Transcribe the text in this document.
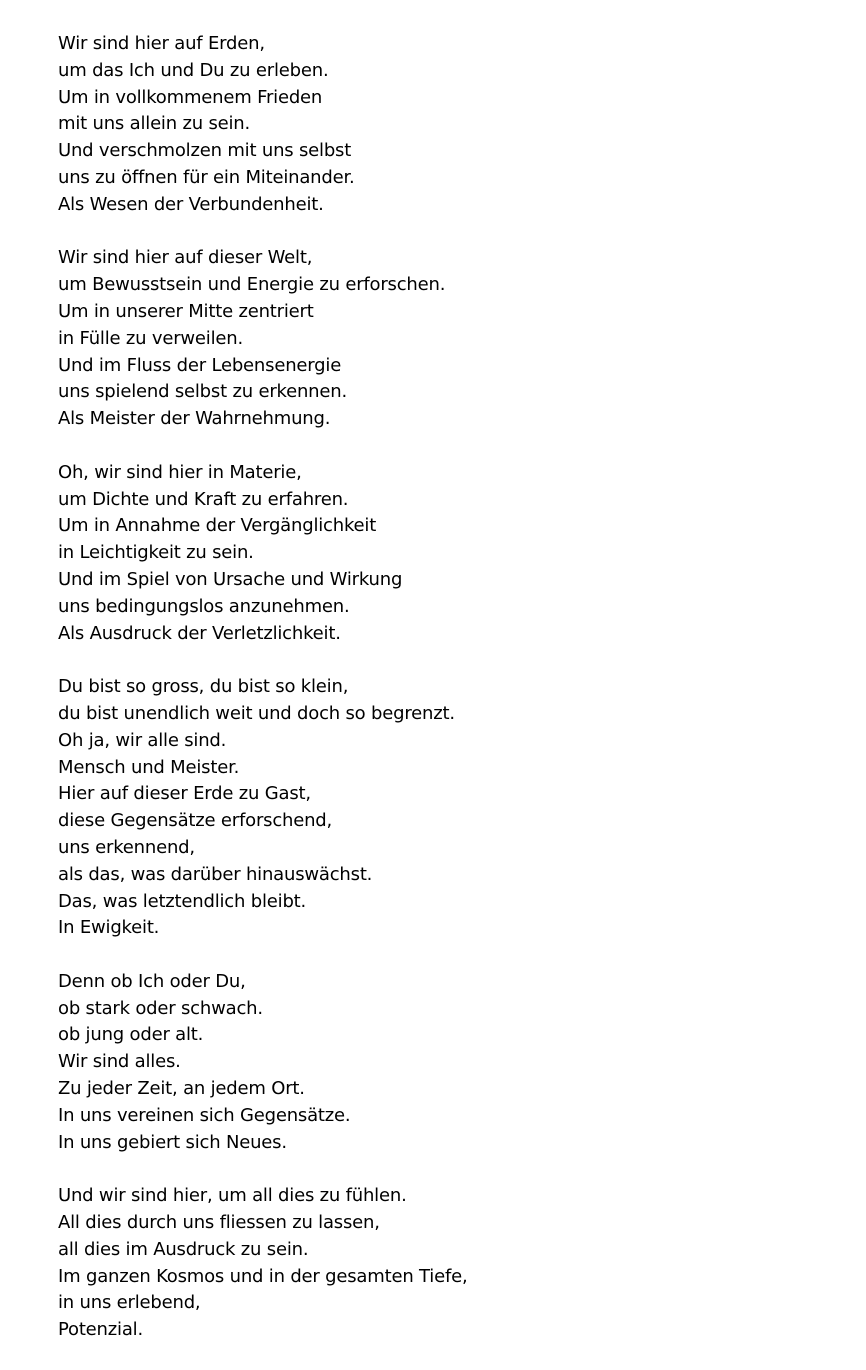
Wir sind hier auf Erden,
um das Ich und Du zu erleben.
Um in vollkommenem Frieden
mit uns allein zu sein.
Und verschmolzen mit uns selbst
uns zu öffnen für ein Miteinander.
Als Wesen der Verbundenheit.
Wir sind hier auf dieser Welt,
um Bewusstsein und Energie zu erforschen.
Um in unserer Mitte zentriert
in Fülle zu verweilen.
Und im Fluss der Lebensenergie
uns spielend selbst zu erkennen.
Als Meister der Wahrnehmung.
Oh, wir sind hier in Materie,
um Dichte und Kraft zu erfahren.
Um in Annahme der Vergänglichkeit
in Leichtigkeit zu sein.
Und im Spiel von Ursache und Wirkung
uns bedingungslos anzunehmen.
Als Ausdruck der Verletzlichkeit.
Du bist so gross, du bist so klein,
du bist unendlich weit und doch so begrenzt.
Oh ja, wir alle sind.
Mensch und Meister.
Hier auf dieser Erde zu Gast,
diese Gegensätze erforschend,
uns erkennend,
als das, was darüber hinauswächst.
Das, was letztendlich bleibt.
In Ewigkeit.
Denn ob Ich oder Du,
ob stark oder schwach.
ob jung oder alt.
Wir sind alles.
Zu jeder Zeit, an jedem Ort.
In uns vereinen sich Gegensätze.
In uns gebiert sich Neues.
Und wir sind hier, um all dies zu fühlen.
All dies durch uns fliessen zu lassen,
all dies im Ausdruck zu sein.
Im ganzen Kosmos und in der gesamten Tiefe,
in uns erlebend,
Potenzial.
